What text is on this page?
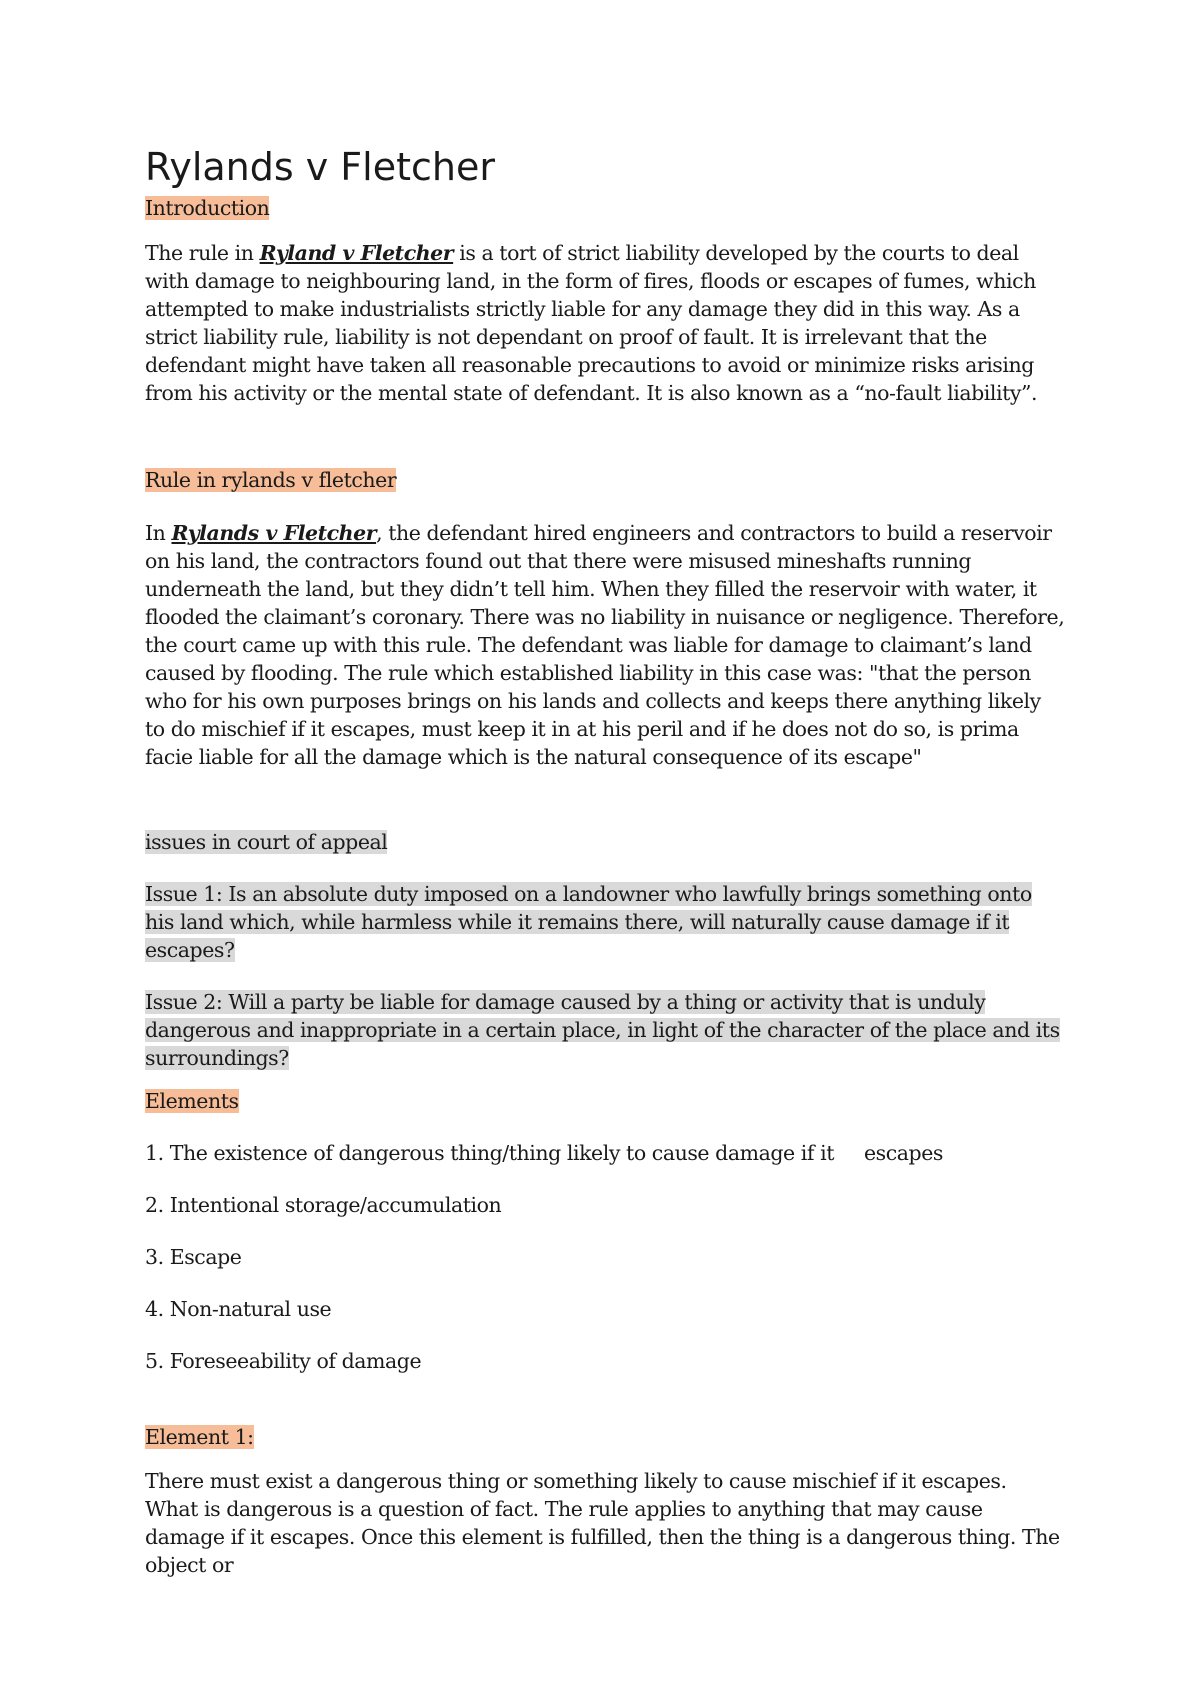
Rylands v Fletcher

Introduction

The rule in Ryland v Fletcher is a tort of strict liability developed by the courts to deal with damage to neighbouring land, in the form of fires, floods or escapes of fumes, which attempted to make industrialists strictly liable for any damage they did in this way. As a strict liability rule, liability is not dependant on proof of fault. It is irrelevant that the defendant might have taken all reasonable precautions to avoid or minimize risks arising from his activity or the mental state of defendant. It is also known as a “no-fault liability”.

Rule in rylands v fletcher

In Rylands v Fletcher, the defendant hired engineers and contractors to build a reservoir on his land, the contractors found out that there were misused mineshafts running underneath the land, but they didn’t tell him. When they filled the reservoir with water, it flooded the claimant’s coronary. There was no liability in nuisance or negligence. Therefore, the court came up with this rule. The defendant was liable for damage to claimant’s land caused by flooding. The rule which established liability in this case was: "that the person who for his own purposes brings on his lands and collects and keeps there anything likely to do mischief if it escapes, must keep it in at his peril and if he does not do so, is prima facie liable for all the damage which is the natural consequence of its escape"

issues in court of appeal

Issue 1: Is an absolute duty imposed on a landowner who lawfully brings something onto his land which, while harmless while it remains there, will naturally cause damage if it escapes?

Issue 2: Will a party be liable for damage caused by a thing or activity that is unduly dangerous and inappropriate in a certain place, in light of the character of the place and its surroundings?

Elements

1. The existence of dangerous thing/thing likely to cause damage if it escapes

2. Intentional storage/accumulation

3. Escape

4. Non-natural use

5. Foreseeability of damage

Element 1:

There must exist a dangerous thing or something likely to cause mischief if it escapes. What is dangerous is a question of fact. The rule applies to anything that may cause damage if it escapes. Once this element is fulfilled, then the thing is a dangerous thing. The object or
